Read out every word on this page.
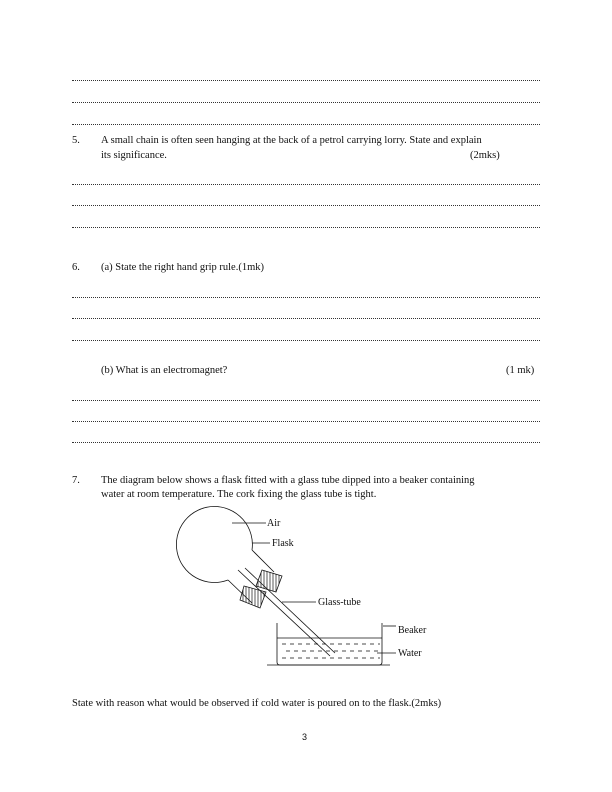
5. A small chain is often seen hanging at the back of a petrol carrying lorry. State and explain
its significance.	(2mks)
6. (a) State the right hand grip rule.(1mk)
(b) What is an electromagnet?	(1 mk)
7. The diagram below shows a flask fitted with a glass tube dipped into a beaker containing
water at room temperature. The cork fixing the glass tube is tight.
Air
Flask
Glass-tube
Beaker
Water
State with reason what would be observed if cold water is poured on to the flask.(2mks)
3
